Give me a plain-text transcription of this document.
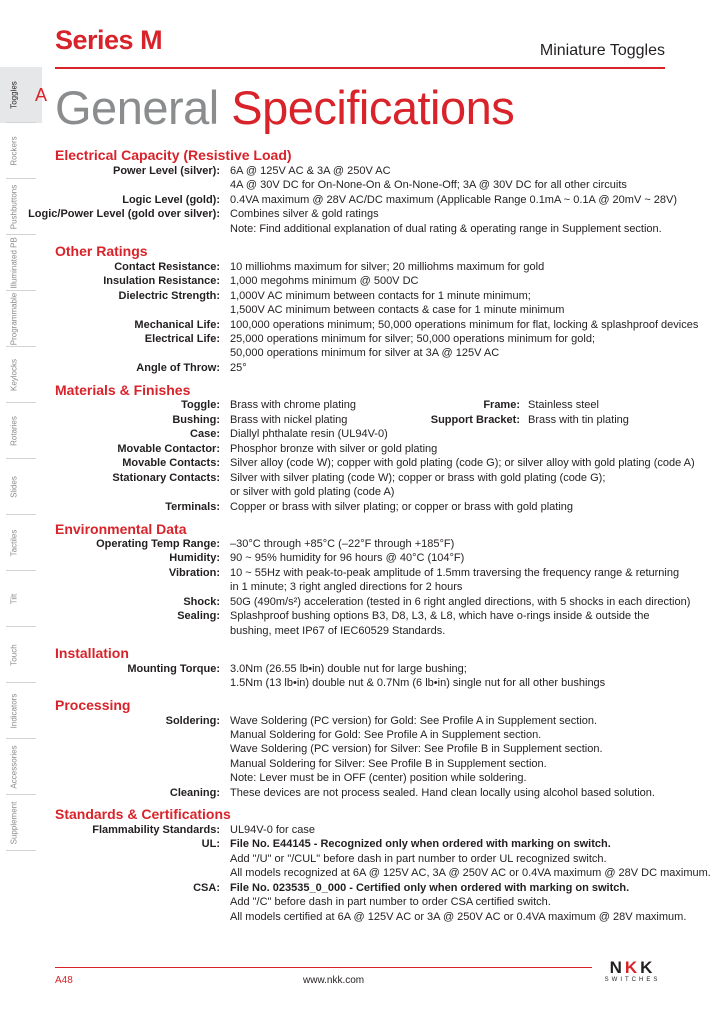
Series M	Miniature Toggles
Toggles
Rockers
Pushbuttons
Illuminated PB
Programmable
Keylocks
Rotaries
Slides
Tactiles
Tilt
Touch
Indicators
Accessories
Supplement
A General Specifications
Electrical Capacity (Resistive Load)
Power Level (silver): 6A @ 125V AC & 3A @ 250V AC
4A @ 30V DC for On-None-On & On-None-Off; 3A @ 30V DC for all other circuits
Logic Level (gold): 0.4VA maximum @ 28V AC/DC maximum (Applicable Range 0.1mA ~ 0.1A @ 20mV ~ 28V)
Logic/Power Level (gold over silver): Combines silver & gold ratings
Note: Find additional explanation of dual rating & operating range in Supplement section.
Other Ratings
Contact Resistance: 10 milliohms maximum for silver; 20 milliohms maximum for gold
Insulation Resistance: 1,000 megohms minimum @ 500V DC
Dielectric Strength: 1,000V AC minimum between contacts for 1 minute minimum;
1,500V AC minimum between contacts & case for 1 minute minimum
Mechanical Life: 100,000 operations minimum; 50,000 operations minimum for flat, locking & splashproof devices
Electrical Life: 25,000 operations minimum for silver; 50,000 operations minimum for gold;
50,000 operations minimum for silver at 3A @ 125V AC
Angle of Throw: 25°
Materials & Finishes
Toggle: Brass with chrome plating	Frame: Stainless steel
Bushing: Brass with nickel plating	Support Bracket: Brass with tin plating
Case: Diallyl phthalate resin (UL94V-0)
Movable Contactor: Phosphor bronze with silver or gold plating
Movable Contacts: Silver alloy (code W); copper with gold plating (code G); or silver alloy with gold plating (code A)
Stationary Contacts: Silver with silver plating (code W); copper or brass with gold plating (code G);
or silver with gold plating (code A)
Terminals: Copper or brass with silver plating; or copper or brass with gold plating
Environmental Data
Operating Temp Range: –30°C through +85°C (–22°F through +185°F)
Humidity: 90 ~ 95% humidity for 96 hours @ 40°C (104°F)
Vibration: 10 ~ 55Hz with peak-to-peak amplitude of 1.5mm traversing the frequency range & returning
in 1 minute; 3 right angled directions for 2 hours
Shock: 50G (490m/s²) acceleration (tested in 6 right angled directions, with 5 shocks in each direction)
Sealing: Splashproof bushing options B3, D8, L3, & L8, which have o-rings inside & outside the
bushing, meet IP67 of IEC60529 Standards.
Installation
Mounting Torque: 3.0Nm (26.55 lb•in) double nut for large bushing;
1.5Nm (13 lb•in) double nut & 0.7Nm (6 lb•in) single nut for all other bushings
Processing
Soldering: Wave Soldering (PC version) for Gold: See Profile A in Supplement section.
Manual Soldering for Gold: See Profile A in Supplement section.
Wave Soldering (PC version) for Silver: See Profile B in Supplement section.
Manual Soldering for Silver: See Profile B in Supplement section.
Note: Lever must be in OFF (center) position while soldering.
Cleaning: These devices are not process sealed. Hand clean locally using alcohol based solution.
Standards & Certifications
Flammability Standards: UL94V-0 for case
UL: File No. E44145 - Recognized only when ordered with marking on switch.
Add "/U" or "/CUL" before dash in part number to order UL recognized switch.
All models recognized at 6A @ 125V AC, 3A @ 250V AC or 0.4VA maximum @ 28V DC maximum.
CSA: File No. 023535_0_000 - Certified only when ordered with marking on switch.
Add "/C" before dash in part number to order CSA certified switch.
All models certified at 6A @ 125V AC or 3A @ 250V AC or 0.4VA maximum @ 28V maximum.
A48	www.nkk.com
NKK
SWITCHES
